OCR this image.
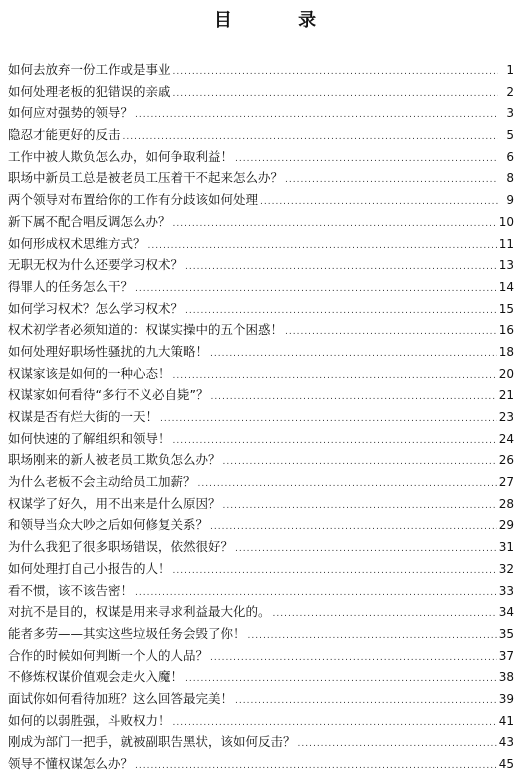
目 录
如何去放弃一份工作或是事业 .....	1
如何处理老板的犯错误的亲戚 .....	2
如何应对强势的领导？ .....	3
隐忍才能更好的反击 .....	5
工作中被人欺负怎么办，如何争取利益！ .....	6
职场中新员工总是被老员工压着干不起来怎么办？ .....	8
两个领导对布置给你的工作有分歧该如何处理 .....	9
新下属不配合唱反调怎么办？ .....	10
如何形成权术思维方式？ .....	11
无职无权为什么还要学习权术？ .....	13
得罪人的任务怎么干？ .....	14
如何学习权术？怎么学习权术？ .....	15
权术初学者必须知道的：权谋实操中的五个困惑！ .....	16
如何处理好职场性骚扰的九大策略！ .....	18
权谋家该是如何的一种心态！ .....	20
权谋家如何看待“多行不义必自毙”？ .....	21
权谋是否有烂大街的一天！ .....	23
如何快速的了解组织和领导！ .....	24
职场刚来的新人被老员工欺负怎么办？ .....	26
为什么老板不会主动给员工加薪？ .....	27
权谋学了好久，用不出来是什么原因？ .....	28
和领导当众大吵之后如何修复关系？ .....	29
为什么我犯了很多职场错误，依然很好？ .....	31
如何处理打自己小报告的人！ .....	32
看不惯，该不该告密！ .....	33
对抗不是目的，权谋是用来寻求利益最大化的。 .....	34
能者多劳——其实这些垃圾任务会毁了你！ .....	35
合作的时候如何判断一个人的人品？ .....	37
不修炼权谋价值观会走火入魔！ .....	38
面试你如何看待加班？这么回答最完美！ .....	39
如何的以弱胜强，斗败权力！ .....	41
刚成为部门一把手，就被副职告黑状，该如何反击？ .....	43
领导不懂权谋怎么办？ .....	45
